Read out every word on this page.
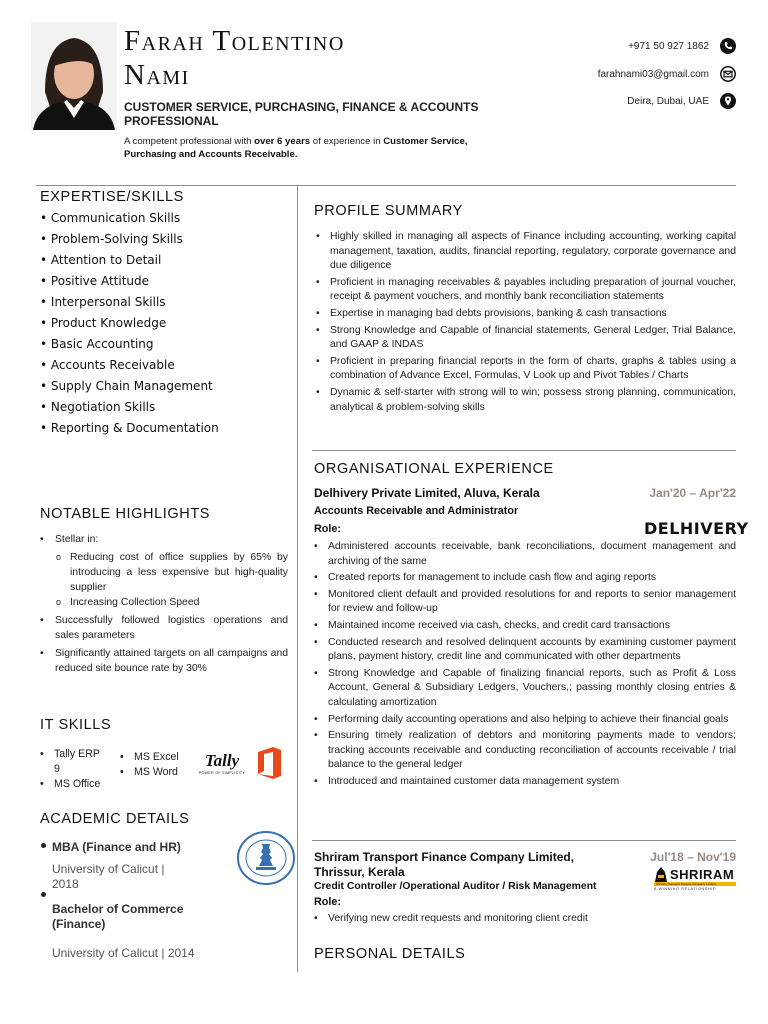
Farah Tolentino
Nami
CUSTOMER SERVICE, PURCHASING, FINANCE & ACCOUNTS PROFESSIONAL
A competent professional with over 6 years of experience in Customer Service, Purchasing and Accounts Receivable.
+971 50 927 1862
farahnami03@gmail.com
Deira, Dubai, UAE
EXPERTISE/SKILLS
• Communication Skills
• Problem-Solving Skills
• Attention to Detail
• Positive Attitude
• Interpersonal Skills
• Product Knowledge
• Basic Accounting
• Accounts Receivable
• Supply Chain Management
• Negotiation Skills
• Reporting & Documentation
NOTABLE HIGHLIGHTS
• Stellar in:
o Reducing cost of office supplies by 65% by introducing a less expensive but high-quality supplier
o Increasing Collection Speed
• Successfully followed logistics operations and sales parameters
• Significantly attained targets on all campaigns and reduced site bounce rate by 30%
IT SKILLS
• Tally ERP 9
• MS Office
• MS Excel
• MS Word
Tally
POWER OF SIMPLICITY
ACADEMIC DETAILS
MBA (Finance and HR)
University of Calicut | 2018
Bachelor of Commerce (Finance)
University of Calicut | 2014
PROFILE SUMMARY
• Highly skilled in managing all aspects of Finance including accounting, working capital management, taxation, audits, financial reporting, regulatory, corporate governance and due diligence
• Proficient in managing receivables & payables including preparation of journal voucher, receipt & payment vouchers, and monthly bank reconciliation statements
• Expertise in managing bad debts provisions, banking & cash transactions
• Strong Knowledge and Capable of financial statements, General Ledger, Trial Balance, and GAAP & INDAS
• Proficient in preparing financial reports in the form of charts, graphs & tables using a combination of Advance Excel, Formulas, V Look up and Pivot Tables / Charts
• Dynamic & self-starter with strong will to win; possess strong planning, communication, analytical & problem-solving skills
ORGANISATIONAL EXPERIENCE
Delhivery Private Limited, Aluva, Kerala	Jan'20 – Apr'22
Accounts Receivable and Administrator
Role:	DELHIVERY
• Administered accounts receivable, bank reconciliations, document management and archiving of the same
• Created reports for management to include cash flow and aging reports
• Monitored client default and provided resolutions for and reports to senior management for review and follow-up
• Maintained income received via cash, checks, and credit card transactions
• Conducted research and resolved delinquent accounts by examining customer payment plans, payment history, credit line and communicated with other departments
• Strong Knowledge and Capable of finalizing financial reports, such as Profit & Loss Account, General & Subsidiary Ledgers, Vouchers,; passing monthly closing entries & calculating amortization
• Performing daily accounting operations and also helping to achieve their financial goals
• Ensuring timely realization of debtors and monitoring payments made to vendors; tracking accounts receivable and conducting reconciliation of accounts receivable / trial balance to the general ledger
• Introduced and maintained customer data management system
Shriram Transport Finance Company Limited, Thrissur, Kerala
Jul'18 – Nov'19
Credit Controller /Operational Auditor / Risk Management
Role:
SHRIRAM
Shriram Transport Finance Company Limited
A WINNING RELATIONSHIP
• Verifying new credit requests and monitoring client credit
PERSONAL DETAILS
